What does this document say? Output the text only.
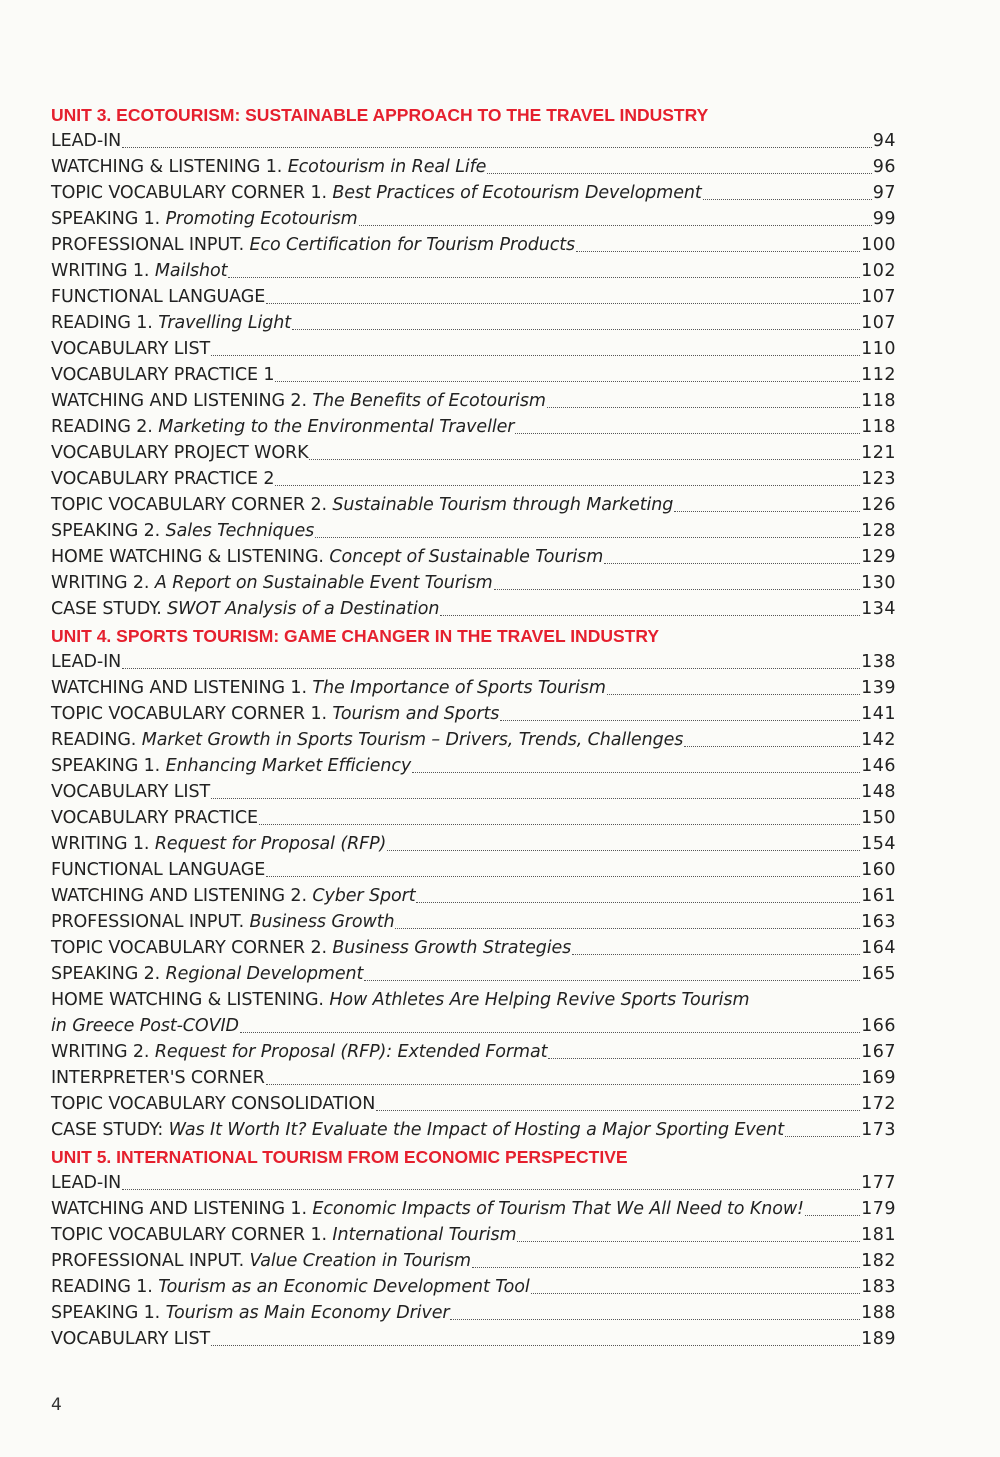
UNIT 3. ECOTOURISM: SUSTAINABLE APPROACH TO THE TRAVEL INDUSTRY
LEAD-IN	94
WATCHING & LISTENING 1. Ecotourism in Real Life	96
TOPIC VOCABULARY CORNER 1. Best Practices of Ecotourism Development	97
SPEAKING 1. Promoting Ecotourism	99
PROFESSIONAL INPUT. Eco Certification for Tourism Products	100
WRITING 1. Mailshot	102
FUNCTIONAL LANGUAGE	107
READING 1. Travelling Light	107
VOCABULARY LIST	110
VOCABULARY PRACTICE 1	112
WATCHING AND LISTENING 2. The Benefits of Ecotourism	118
READING 2. Marketing to the Environmental Traveller	118
VOCABULARY PROJECT WORK	121
VOCABULARY PRACTICE 2	123
TOPIC VOCABULARY CORNER 2. Sustainable Tourism through Marketing	126
SPEAKING 2. Sales Techniques	128
HOME WATCHING & LISTENING. Concept of Sustainable Tourism	129
WRITING 2. A Report on Sustainable Event Tourism	130
CASE STUDY. SWOT Analysis of a Destination	134
UNIT 4. SPORTS TOURISM: GAME CHANGER IN THE TRAVEL INDUSTRY
LEAD-IN	138
WATCHING AND LISTENING 1. The Importance of Sports Tourism	139
TOPIC VOCABULARY CORNER 1. Tourism and Sports	141
READING. Market Growth in Sports Tourism – Drivers, Trends, Challenges	142
SPEAKING 1. Enhancing Market Efficiency	146
VOCABULARY LIST	148
VOCABULARY PRACTICE	150
WRITING 1. Request for Proposal (RFP)	154
FUNCTIONAL LANGUAGE	160
WATCHING AND LISTENING 2. Cyber Sport	161
PROFESSIONAL INPUT. Business Growth	163
TOPIC VOCABULARY CORNER 2. Business Growth Strategies	164
SPEAKING 2. Regional Development	165
HOME WATCHING & LISTENING. How Athletes Are Helping Revive Sports Tourism
in Greece Post-COVID	166
WRITING 2. Request for Proposal (RFP): Extended Format	167
INTERPRETER'S CORNER	169
TOPIC VOCABULARY CONSOLIDATION	172
CASE STUDY: Was It Worth It? Evaluate the Impact of Hosting a Major Sporting Event	173
UNIT 5. INTERNATIONAL TOURISM FROM ECONOMIC PERSPECTIVE
LEAD-IN	177
WATCHING AND LISTENING 1. Economic Impacts of Tourism That We All Need to Know!	179
TOPIC VOCABULARY CORNER 1. International Tourism	181
PROFESSIONAL INPUT. Value Creation in Tourism	182
READING 1. Tourism as an Economic Development Tool	183
SPEAKING 1. Tourism as Main Economy Driver	188
VOCABULARY LIST	189
4
